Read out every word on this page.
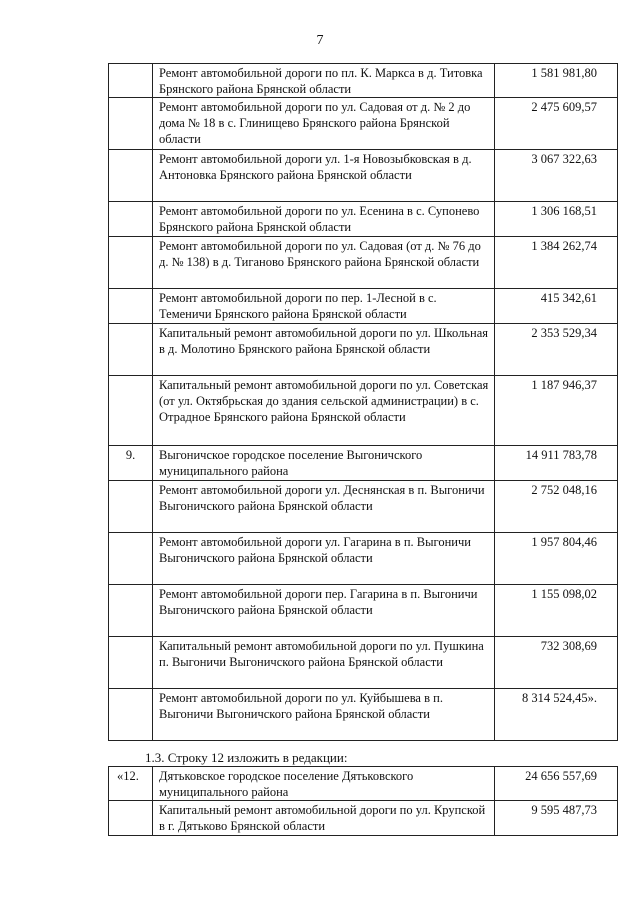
7
	Ремонт автомобильной дороги по пл. К. Маркса в д. Титовка Брянского района Брянской области	1 581 981,80
	Ремонт автомобильной дороги по ул. Садовая от д. № 2 до дома № 18 в с. Глинищево Брянского района Брянской области	2 475 609,57
	Ремонт автомобильной дороги ул. 1-я Новозыбковская в д. Антоновка Брянского района Брянской области	3 067 322,63
	Ремонт автомобильной дороги по ул. Есенина в с. Супонево Брянского района Брянской области	1 306 168,51
	Ремонт автомобильной дороги по ул. Садовая (от д. № 76 до д. № 138) в д. Тиганово Брянского района Брянской области	1 384 262,74
	Ремонт автомобильной дороги по пер. 1-Лесной в с. Теменичи Брянского района Брянской области	415 342,61
	Капитальный ремонт автомобильной дороги по ул. Школьная в д. Молотино Брянского района Брянской области	2 353 529,34
	Капитальный ремонт автомобильной дороги по ул. Советская (от ул. Октябрьская до здания сельской администрации) в с. Отрадное Брянского района Брянской области	1 187 946,37
9.	Выгоничское городское поселение Выгоничского муниципального района	14 911 783,78
	Ремонт автомобильной дороги ул. Деснянская в п. Выгоничи Выгоничского района Брянской области	2 752 048,16
	Ремонт автомобильной дороги ул. Гагарина в п. Выгоничи Выгоничского района Брянской области	1 957 804,46
	Ремонт автомобильной дороги пер. Гагарина в п. Выгоничи Выгоничского района Брянской области	1 155 098,02
	Капитальный ремонт автомобильной дороги по ул. Пушкина п. Выгоничи Выгоничского района Брянской области	732 308,69
	Ремонт автомобильной дороги по ул. Куйбышева в п. Выгоничи Выгоничского района Брянской области	8 314 524,45».
1.3. Строку 12 изложить в редакции:
«12.	Дятьковское городское поселение Дятьковского муниципального района	24 656 557,69
	Капитальный ремонт автомобильной дороги по ул. Крупской в г. Дятьково Брянской области	9 595 487,73
